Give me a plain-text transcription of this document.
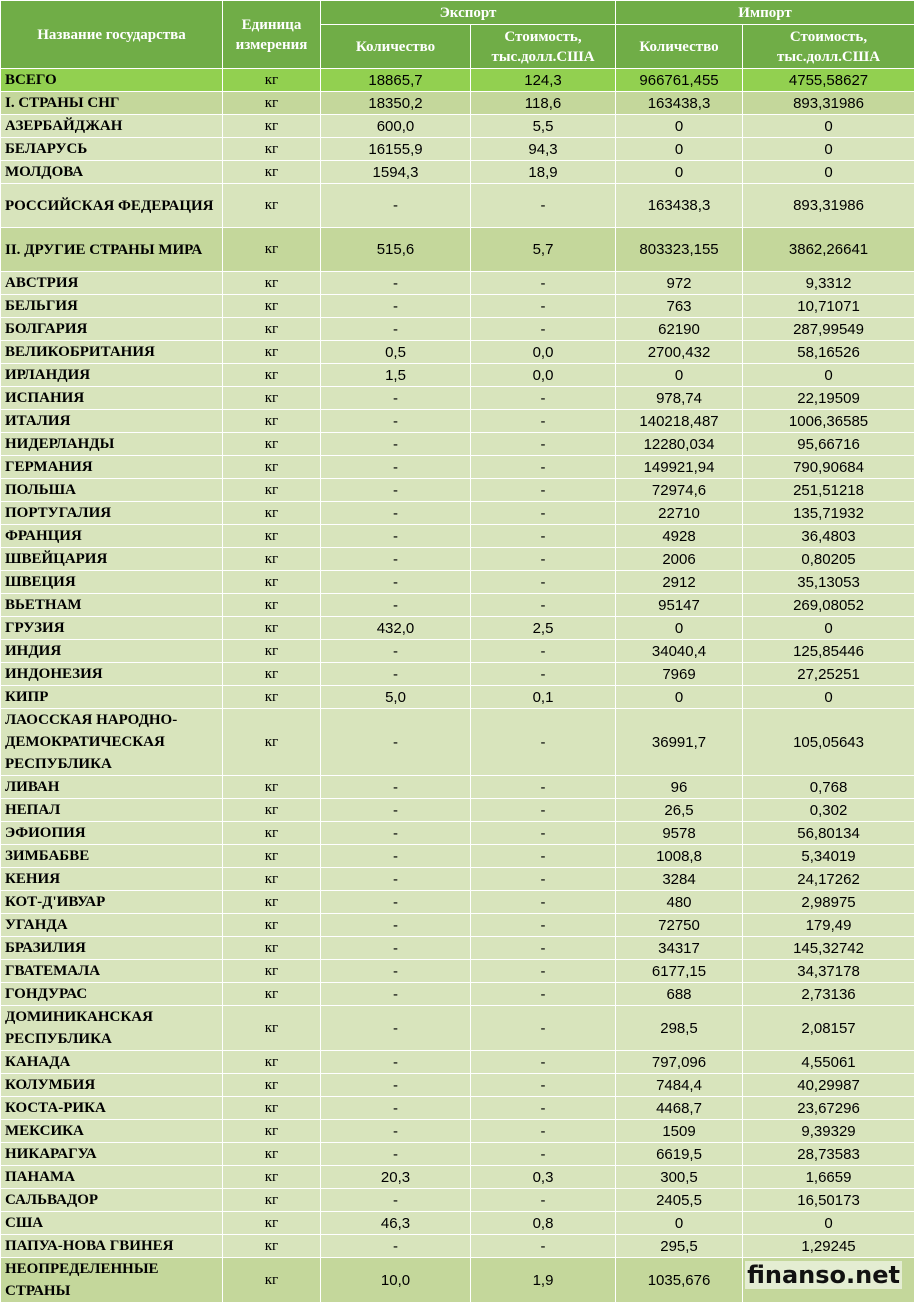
Название государства	Единица измерения	Экспорт		Импорт	
		Количество	Стоимость, тыс.долл.США	Количество	Стоимость, тыс.долл.США
ВСЕГО	кг	18865,7	124,3	966761,455	4755,58627
I. СТРАНЫ СНГ	кг	18350,2	118,6	163438,3	893,31986
АЗЕРБАЙДЖАН	кг	600,0	5,5	0	0
БЕЛАРУСЬ	кг	16155,9	94,3	0	0
МОЛДОВА	кг	1594,3	18,9	0	0
РОССИЙСКАЯ ФЕДЕРАЦИЯ	кг	-	-	163438,3	893,31986
II. ДРУГИЕ СТРАНЫ МИРА	кг	515,6	5,7	803323,155	3862,26641
АВСТРИЯ	кг	-	-	972	9,3312
БЕЛЬГИЯ	кг	-	-	763	10,71071
БОЛГАРИЯ	кг	-	-	62190	287,99549
ВЕЛИКОБРИТАНИЯ	кг	0,5	0,0	2700,432	58,16526
ИРЛАНДИЯ	кг	1,5	0,0	0	0
ИСПАНИЯ	кг	-	-	978,74	22,19509
ИТАЛИЯ	кг	-	-	140218,487	1006,36585
НИДЕРЛАНДЫ	кг	-	-	12280,034	95,66716
ГЕРМАНИЯ	кг	-	-	149921,94	790,90684
ПОЛЬША	кг	-	-	72974,6	251,51218
ПОРТУГАЛИЯ	кг	-	-	22710	135,71932
ФРАНЦИЯ	кг	-	-	4928	36,4803
ШВЕЙЦАРИЯ	кг	-	-	2006	0,80205
ШВЕЦИЯ	кг	-	-	2912	35,13053
ВЬЕТНАМ	кг	-	-	95147	269,08052
ГРУЗИЯ	кг	432,0	2,5	0	0
ИНДИЯ	кг	-	-	34040,4	125,85446
ИНДОНЕЗИЯ	кг	-	-	7969	27,25251
КИПР	кг	5,0	0,1	0	0
ЛАОССКАЯ НАРОДНО-ДЕМОКРАТИЧЕСКАЯ РЕСПУБЛИКА	кг	-	-	36991,7	105,05643
ЛИВАН	кг	-	-	96	0,768
НЕПАЛ	кг	-	-	26,5	0,302
ЭФИОПИЯ	кг	-	-	9578	56,80134
ЗИМБАБВЕ	кг	-	-	1008,8	5,34019
КЕНИЯ	кг	-	-	3284	24,17262
КОТ-Д'ИВУАР	кг	-	-	480	2,98975
УГАНДА	кг	-	-	72750	179,49
БРАЗИЛИЯ	кг	-	-	34317	145,32742
ГВАТЕМАЛА	кг	-	-	6177,15	34,37178
ГОНДУРАС	кг	-	-	688	2,73136
ДОМИНИКАНСКАЯ РЕСПУБЛИКА	кг	-	-	298,5	2,08157
КАНАДА	кг	-	-	797,096	4,55061
КОЛУМБИЯ	кг	-	-	7484,4	40,29987
КОСТА-РИКА	кг	-	-	4468,7	23,67296
МЕКСИКА	кг	-	-	1509	9,39329
НИКАРАГУА	кг	-	-	6619,5	28,73583
ПАНАМА	кг	20,3	0,3	300,5	1,6659
САЛЬВАДОР	кг	-	-	2405,5	16,50173
США	кг	46,3	0,8	0	0
ПАПУА-НОВА ГВИНЕЯ	кг	-	-	295,5	1,29245
НЕОПРЕДЕЛЕННЫЕ СТРАНЫ	кг	10,0	1,9	1035,676	finanso.net
